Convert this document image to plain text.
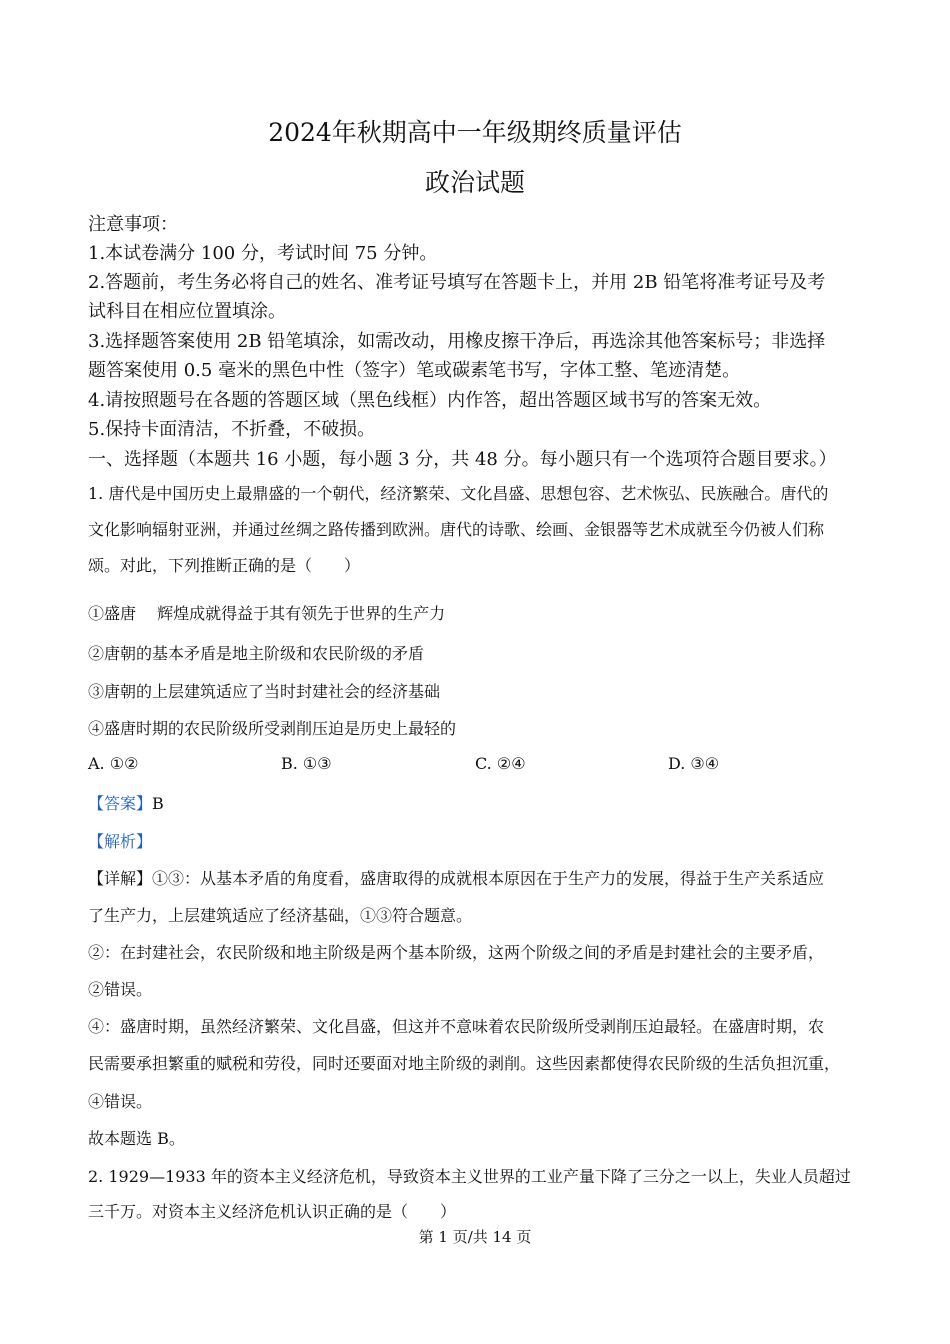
2024年秋期高中一年级期终质量评估
政治试题
注意事项：
1.本试卷满分 100 分，考试时间 75 分钟。
2.答题前，考生务必将自己的姓名、准考证号填写在答题卡上，并用 2B 铅笔将准考证号及考
试科目在相应位置填涂。
3.选择题答案使用 2B 铅笔填涂，如需改动，用橡皮擦干净后，再选涂其他答案标号；非选择
题答案使用 0.5 毫米的黑色中性（签字）笔或碳素笔书写，字体工整、笔迹清楚。
4.请按照题号在各题的答题区域（黑色线框）内作答，超出答题区域书写的答案无效。
5.保持卡面清洁，不折叠，不破损。
一、选择题（本题共 16 小题，每小题 3 分，共 48 分。每小题只有一个选项符合题目要求。）
1. 唐代是中国历史上最鼎盛的一个朝代，经济繁荣、文化昌盛、思想包容、艺术恢弘、民族融合。唐代的
文化影响辐射亚洲，并通过丝绸之路传播到欧洲。唐代的诗歌、绘画、金银器等艺术成就至今仍被人们称
颂。对此，下列推断正确的是（　　）
①盛唐　 辉煌成就得益于其有领先于世界的生产力
②唐朝的基本矛盾是地主阶级和农民阶级的矛盾
③唐朝的上层建筑适应了当时封建社会的经济基础
④盛唐时期的农民阶级所受剥削压迫是历史上最轻的
A. ①②	B. ①③	C. ②④	D. ③④
【答案】B
【解析】
【详解】①③：从基本矛盾的角度看，盛唐取得的成就根本原因在于生产力的发展，得益于生产关系适应
了生产力，上层建筑适应了经济基础，①③符合题意。
②：在封建社会，农民阶级和地主阶级是两个基本阶级，这两个阶级之间的矛盾是封建社会的主要矛盾，
②错误。
④：盛唐时期，虽然经济繁荣、文化昌盛，但这并不意味着农民阶级所受剥削压迫最轻。在盛唐时期，农
民需要承担繁重的赋税和劳役，同时还要面对地主阶级的剥削。这些因素都使得农民阶级的生活负担沉重，
④错误。
故本题选 B。
2. 1929—1933 年的资本主义经济危机，导致资本主义世界的工业产量下降了三分之一以上，失业人员超过
三千万。对资本主义经济危机认识正确的是（　　）
第 1 页/共 14 页
